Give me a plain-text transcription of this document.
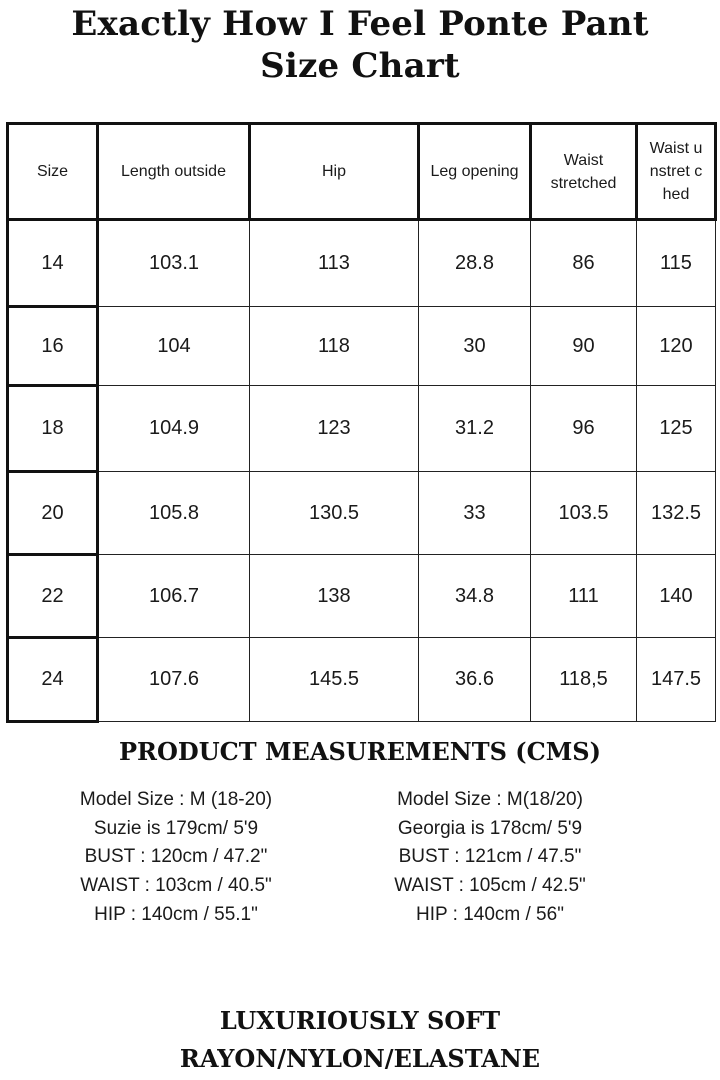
Exactly How I Feel Ponte Pant
Size Chart
Size	Length outside	Hip	Leg opening	Waist stretched	Waist unstret ched
14	103.1	113	28.8	86	115
16	104	118	30	90	120
18	104.9	123	31.2	96	125
20	105.8	130.5	33	103.5	132.5
22	106.7	138	34.8	111	140
24	107.6	145.5	36.6	118,5	147.5
PRODUCT MEASUREMENTS (CMS)
Model Size : M (18-20)
Suzie is 179cm/ 5'9
BUST : 120cm / 47.2"
WAIST : 103cm / 40.5"
HIP : 140cm / 55.1"
Model Size : M(18/20)
Georgia is 178cm/ 5'9
BUST : 121cm / 47.5"
WAIST : 105cm / 42.5"
HIP : 140cm / 56"
LUXURIOUSLY SOFT
RAYON/NYLON/ELASTANE
